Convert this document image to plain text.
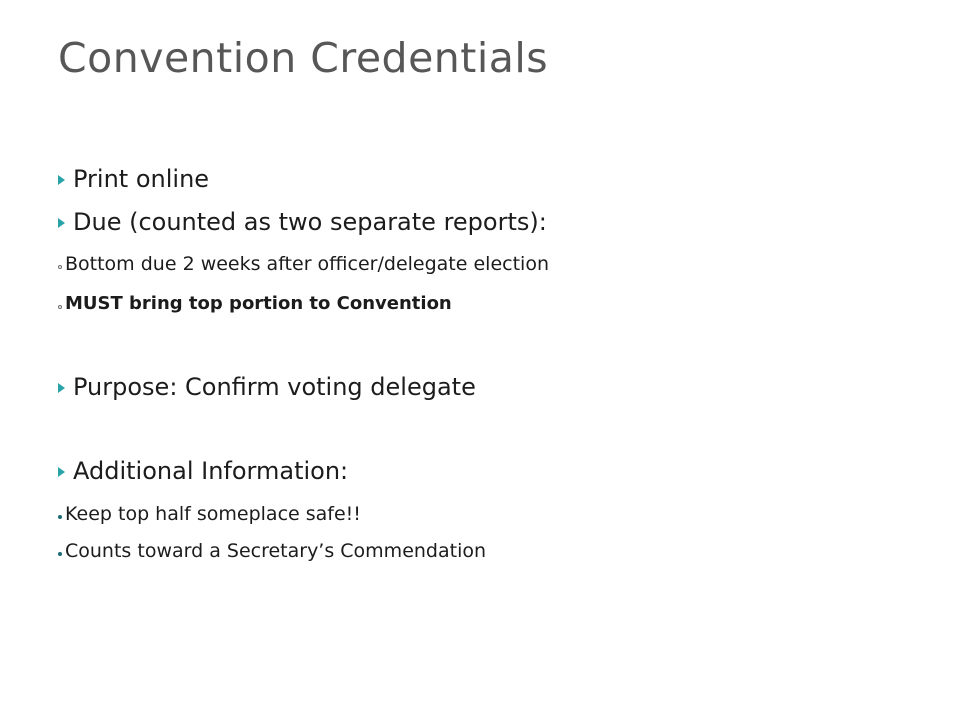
Convention Credentials
Print online
Due (counted as two separate reports):
Bottom due 2 weeks after officer/delegate election
MUST bring top portion to Convention
Purpose: Confirm voting delegate
Additional Information:
Keep top half someplace safe!!
Counts toward a Secretary’s Commendation
